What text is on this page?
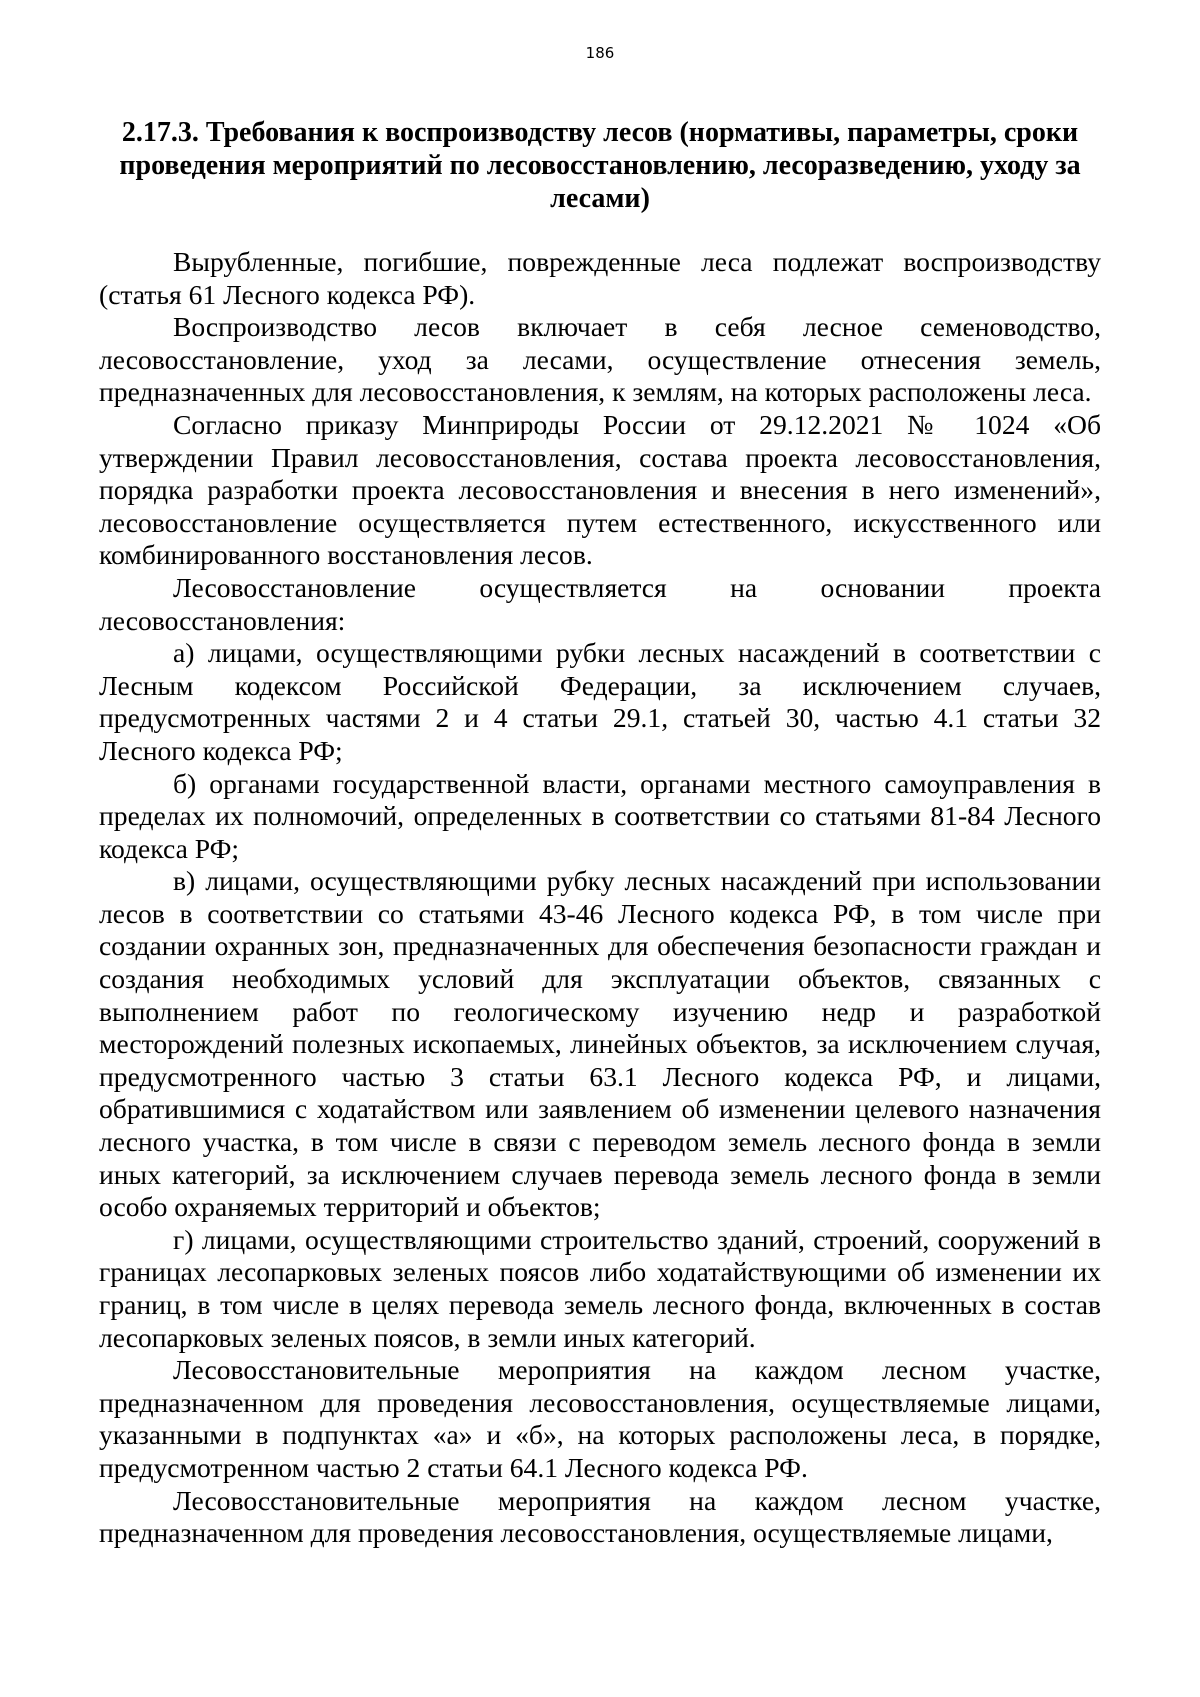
186
2.17.3. Требования к воспроизводству лесов (нормативы, параметры, сроки проведения мероприятий по лесовосстановлению, лесоразведению, уходу за лесами)

Вырубленные, погибшие, поврежденные леса подлежат воспроизводству (статья 61 Лесного кодекса РФ).

Воспроизводство лесов включает в себя лесное семеноводство, лесовосстановление, уход за лесами, осуществление отнесения земель, предназначенных для лесовосстановления, к землям, на которых расположены леса.

Согласно приказу Минприроды России от 29.12.2021 № 1024 «Об утверждении Правил лесовосстановления, состава проекта лесовосстановления, порядка разработки проекта лесовосстановления и внесения в него изменений», лесовосстановление осуществляется путем естественного, искусственного или комбинированного восстановления лесов.

Лесовосстановление осуществляется на основании проекта лесовосстановления:

а) лицами, осуществляющими рубки лесных насаждений в соответствии с Лесным кодексом Российской Федерации, за исключением случаев, предусмотренных частями 2 и 4 статьи 29.1, статьей 30, частью 4.1 статьи 32 Лесного кодекса РФ;

б) органами государственной власти, органами местного самоуправления в пределах их полномочий, определенных в соответствии со статьями 81-84 Лесного кодекса РФ;

в) лицами, осуществляющими рубку лесных насаждений при использовании лесов в соответствии со статьями 43-46 Лесного кодекса РФ, в том числе при создании охранных зон, предназначенных для обеспечения безопасности граждан и создания необходимых условий для эксплуатации объектов, связанных с выполнением работ по геологическому изучению недр и разработкой месторождений полезных ископаемых, линейных объектов, за исключением случая, предусмотренного частью 3 статьи 63.1 Лесного кодекса РФ, и лицами, обратившимися с ходатайством или заявлением об изменении целевого назначения лесного участка, в том числе в связи с переводом земель лесного фонда в земли иных категорий, за исключением случаев перевода земель лесного фонда в земли особо охраняемых территорий и объектов;

г) лицами, осуществляющими строительство зданий, строений, сооружений в границах лесопарковых зеленых поясов либо ходатайствующими об изменении их границ, в том числе в целях перевода земель лесного фонда, включенных в состав лесопарковых зеленых поясов, в земли иных категорий.

Лесовосстановительные мероприятия на каждом лесном участке, предназначенном для проведения лесовосстановления, осуществляемые лицами, указанными в подпунктах «а» и «б», на которых расположены леса, в порядке, предусмотренном частью 2 статьи 64.1 Лесного кодекса РФ.

Лесовосстановительные мероприятия на каждом лесном участке, предназначенном для проведения лесовосстановления, осуществляемые лицами,
